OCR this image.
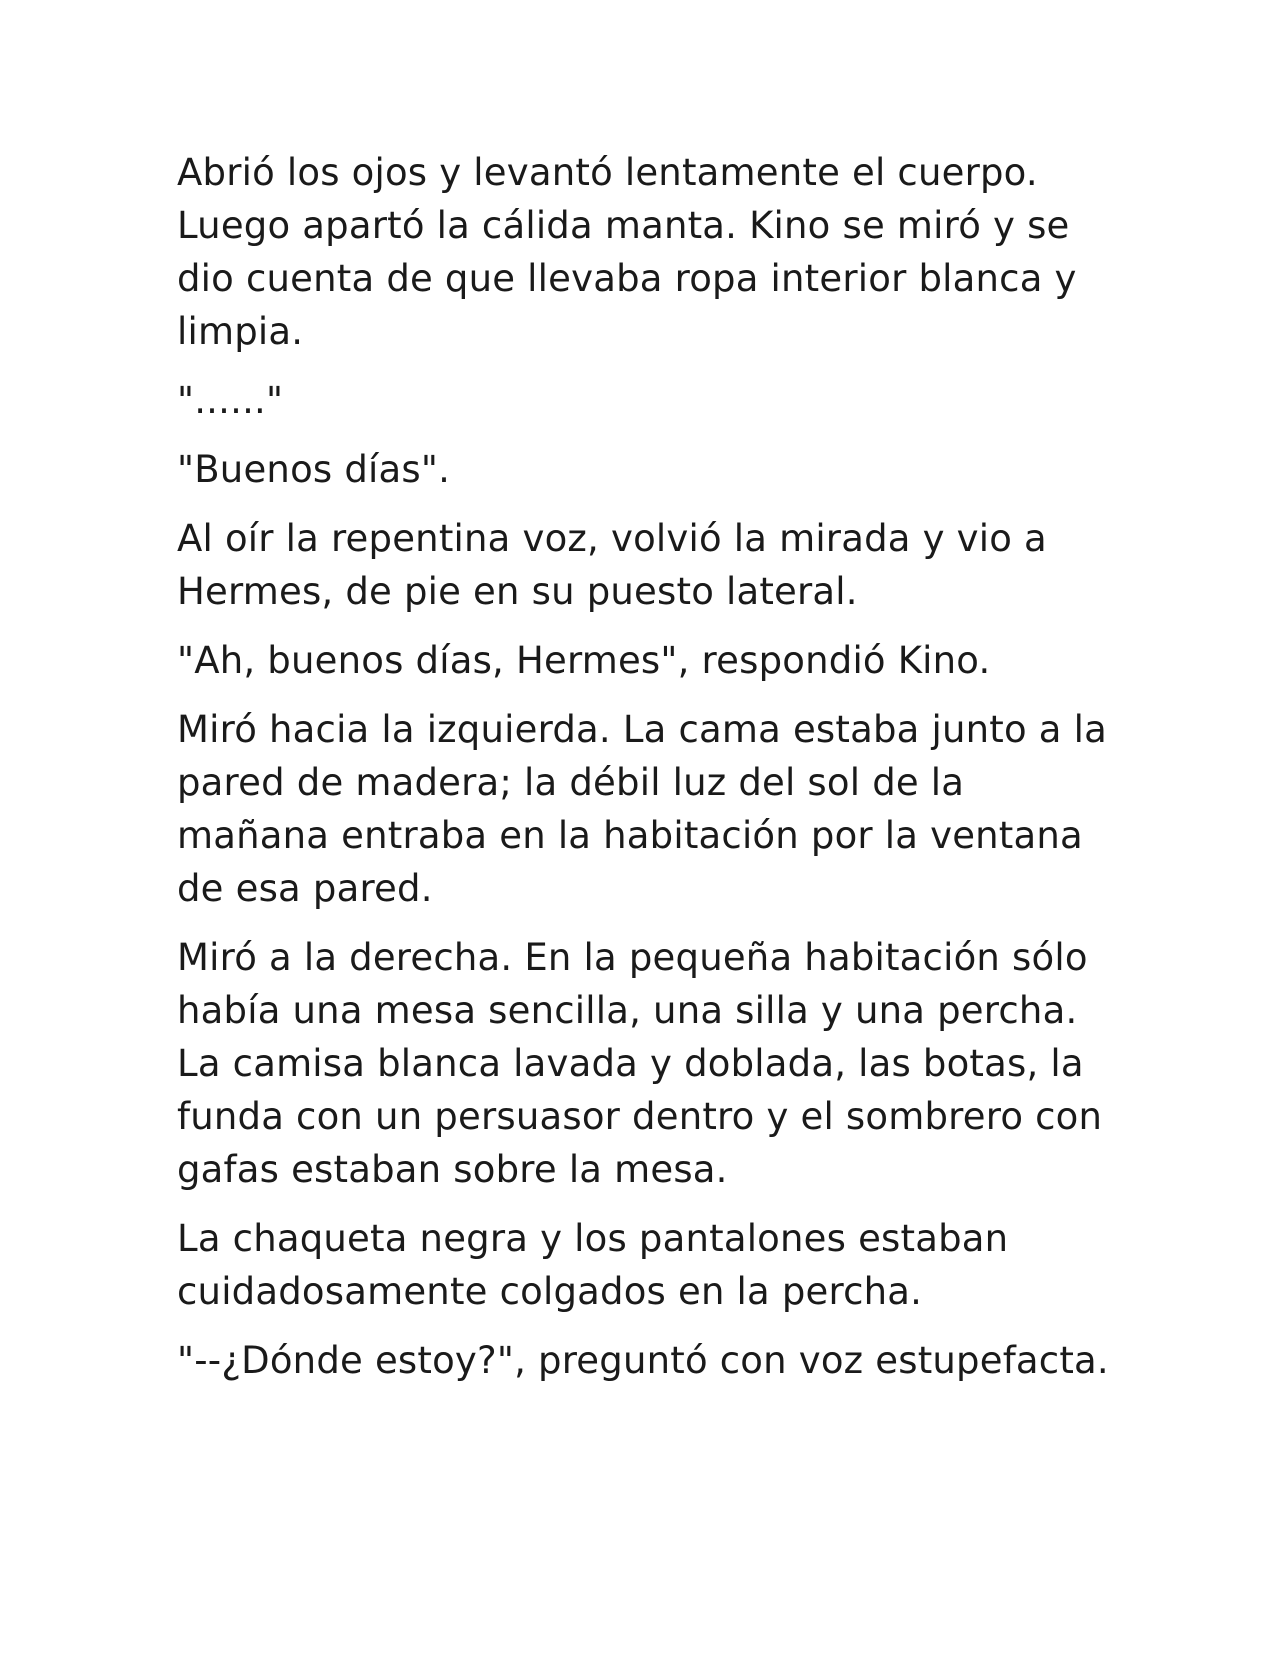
Abrió los ojos y levantó lentamente el cuerpo. Luego apartó la cálida manta. Kino se miró y se dio cuenta de que llevaba ropa interior blanca y limpia.

"......"

"Buenos días".

Al oír la repentina voz, volvió la mirada y vio a Hermes, de pie en su puesto lateral.

"Ah, buenos días, Hermes", respondió Kino.

Miró hacia la izquierda. La cama estaba junto a la pared de madera; la débil luz del sol de la mañana entraba en la habitación por la ventana de esa pared.

Miró a la derecha. En la pequeña habitación sólo había una mesa sencilla, una silla y una percha. La camisa blanca lavada y doblada, las botas, la funda con un persuasor dentro y el sombrero con gafas estaban sobre la mesa.

La chaqueta negra y los pantalones estaban cuidadosamente colgados en la percha.

"--¿Dónde estoy?", preguntó con voz estupefacta.
